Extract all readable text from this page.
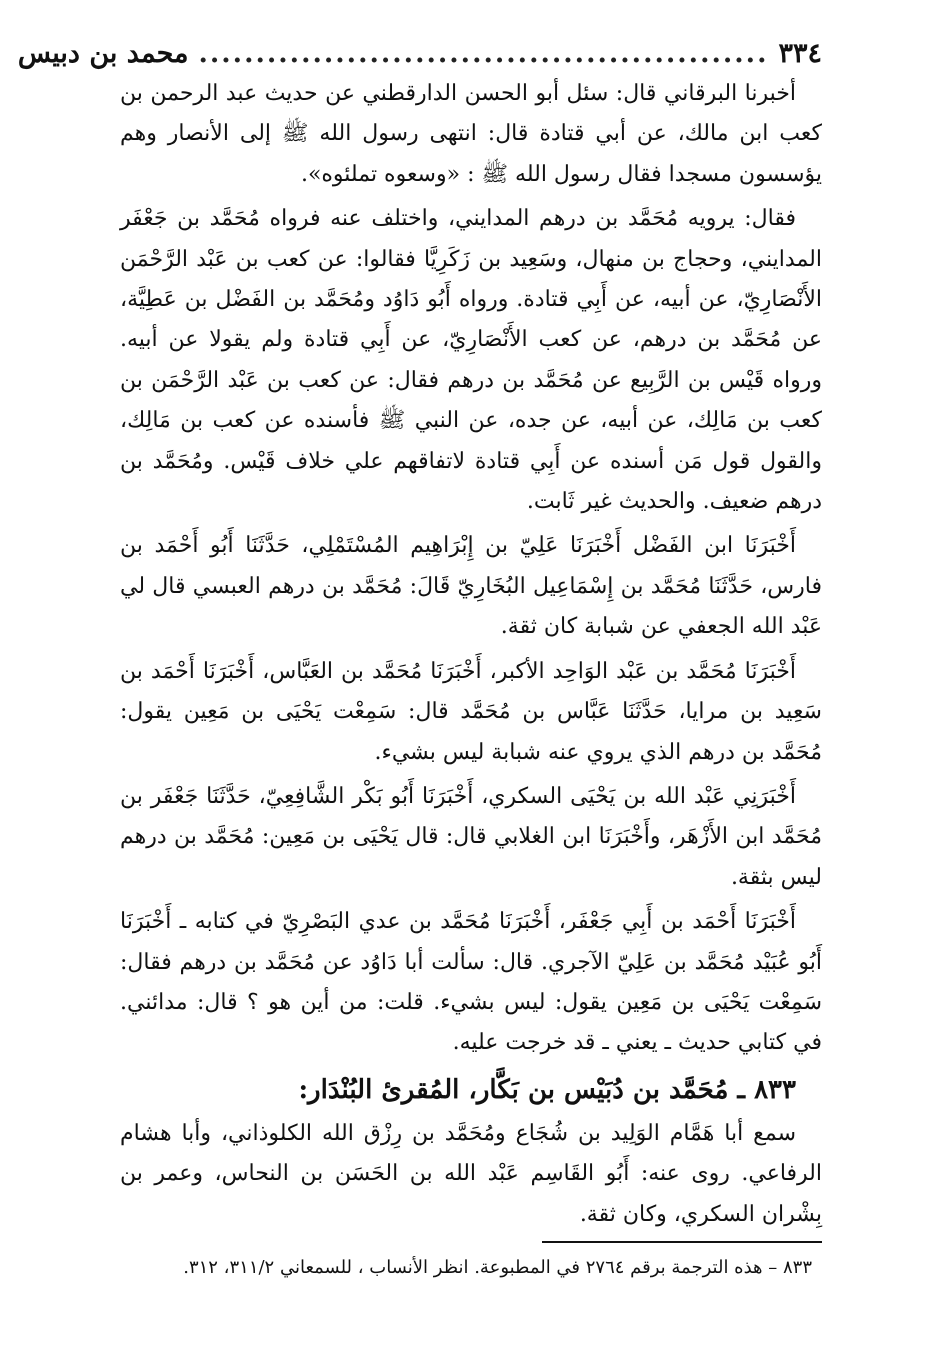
٣٣٤
..................................................
محمد بن دبيس

أخبرنا البرقاني قال: سئل أبو الحسن الدارقطني عن حديث عبد الرحمن بن كعب ابن مالك، عن أبي قتادة قال: انتهى رسول الله ﷺ إلى الأنصار وهم يؤسسون مسجدا فقال رسول الله ﷺ : «وسعوه تملئوه».

فقال: يرويه مُحَمَّد بن درهم المدايني، واختلف عنه فرواه مُحَمَّد بن جَعْفَر المدايني، وحجاج بن منهال، وسَعِيد بن زَكَرِيَّا فقالوا: عن كعب بن عَبْد الرَّحْمَن الأَنْصَارِيّ، عن أبيه، عن أَبِي قتادة. ورواه أَبُو دَاوُد ومُحَمَّد بن الفَضْل بن عَطِيَّة، عن مُحَمَّد بن درهم، عن كعب الأَنْصَارِيّ، عن أَبِي قتادة ولم يقولا عن أبيه. ورواه قَيْس بن الرَّبِيع عن مُحَمَّد بن درهم فقال: عن كعب بن عَبْد الرَّحْمَن بن كعب بن مَالِك، عن أبيه، عن جده، عن النبي ﷺ فأسنده عن كعب بن مَالِك، والقول قول مَن أسنده عن أَبِي قتادة لاتفاقهم علي خلاف قَيْس. ومُحَمَّد بن درهم ضعيف. والحديث غير ثَابت.

أَخْبَرَنَا ابن الفَضْل أَخْبَرَنَا عَلِيّ بن إِبْرَاهِيم المُسْتَمْلِي، حَدَّثَنَا أَبُو أَحْمَد بن فارس، حَدَّثَنَا مُحَمَّد بن إِسْمَاعِيل البُخَارِيّ قَالَ: مُحَمَّد بن درهم العبسي قال لي عَبْد الله الجعفي عن شبابة كان ثقة.

أَخْبَرَنَا مُحَمَّد بن عَبْد الوَاحِد الأكبر، أَخْبَرَنَا مُحَمَّد بن العَبَّاس، أَخْبَرَنَا أَحْمَد بن سَعِيد بن مرايا، حَدَّثَنَا عَبَّاس بن مُحَمَّد قال: سَمِعْت يَحْيَى بن مَعِين يقول: مُحَمَّد بن درهم الذي يروي عنه شبابة ليس بشيء.

أَخْبَرَنِي عَبْد الله بن يَحْيَى السكري، أَخْبَرَنَا أَبُو بَكْر الشَّافِعِيّ، حَدَّثَنَا جَعْفَر بن مُحَمَّد ابن الأَزْهَر، وأَخْبَرَنَا ابن الغلابي قال: قال يَحْيَى بن مَعِين: مُحَمَّد بن درهم ليس بثقة.

أَخْبَرَنَا أَحْمَد بن أَبِي جَعْفَر، أَخْبَرَنَا مُحَمَّد بن عدي البَصْرِيّ في كتابه ـ أَخْبَرَنَا أَبُو عُبَيْد مُحَمَّد بن عَلِيّ الآجري. قال: سألت أبا دَاوُد عن مُحَمَّد بن درهم فقال: سَمِعْت يَحْيَى بن مَعِين يقول: ليس بشيء. قلت: من أين هو ؟ قال: مدائني. في كتابي حديث ـ يعني ـ قد خرجت عليه.

٨٣٣ ـ مُحَمَّد بن دُبَيْس بن بَكَّار، المُقرئ البُنْدَار:

سمع أبا هَمَّام الوَلِيد بن شُجَاع ومُحَمَّد بن رِزْق الله الكلوذاني، وأبا هشام الرفاعي. روى عنه: أَبُو القَاسِم عَبْد الله بن الحَسَن بن النحاس، وعمر بن بِشْران السكري، وكان ثقة.

٨٣٣ – هذه الترجمة برقم ٢٧٦٤ في المطبوعة. انظر الأنساب ، للسمعاني ٣١١/٢، ٣١٢.
